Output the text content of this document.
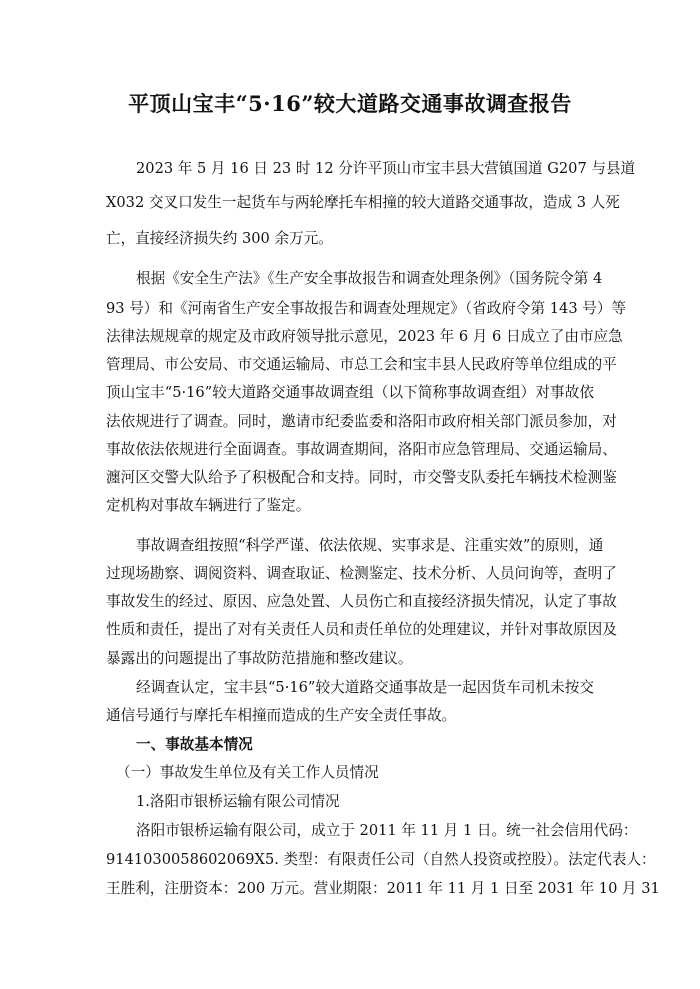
平顶山宝丰“5·16”较大道路交通事故调查报告
2023 年 5 月 16 日 23 时 12 分许平顶山市宝丰县大营镇国道 G207 与县道
X032 交叉口发生一起货车与两轮摩托车相撞的较大道路交通事故，造成 3 人死
亡，直接经济损失约 300 余万元。
根据《安全生产法》《生产安全事故报告和调查处理条例》（国务院令第 4
93 号）和《河南省生产安全事故报告和调查处理规定》（省政府令第 143 号）等
法律法规规章的规定及市政府领导批示意见，2023 年 6 月 6 日成立了由市应急
管理局、市公安局、市交通运输局、市总工会和宝丰县人民政府等单位组成的平
顶山宝丰“5·16”较大道路交通事故调查组（以下简称事故调查组）对事故依
法依规进行了调查。同时，邀请市纪委监委和洛阳市政府相关部门派员参加，对
事故依法依规进行全面调查。事故调查期间，洛阳市应急管理局、交通运输局、
瀍河区交警大队给予了积极配合和支持。同时，市交警支队委托车辆技术检测鉴
定机构对事故车辆进行了鉴定。
事故调查组按照“科学严谨、依法依规、实事求是、注重实效”的原则，通
过现场勘察、调阅资料、调查取证、检测鉴定、技术分析、人员问询等，查明了
事故发生的经过、原因、应急处置、人员伤亡和直接经济损失情况，认定了事故
性质和责任，提出了对有关责任人员和责任单位的处理建议，并针对事故原因及
暴露出的问题提出了事故防范措施和整改建议。
经调查认定，宝丰县“5·16”较大道路交通事故是一起因货车司机未按交
通信号通行与摩托车相撞而造成的生产安全责任事故。
一、事故基本情况
（一）事故发生单位及有关工作人员情况
1.洛阳市银桥运输有限公司情况
洛阳市银桥运输有限公司，成立于 2011 年 11 月 1 日。统一社会信用代码：
914103005860206​9X5. 类型：有限责任公司（自然人投资或控股）。法定代表人：
王胜利，注册资本：200 万元。营业期限：2011 年 11 月 1 日至 2031 年 10 月 31
